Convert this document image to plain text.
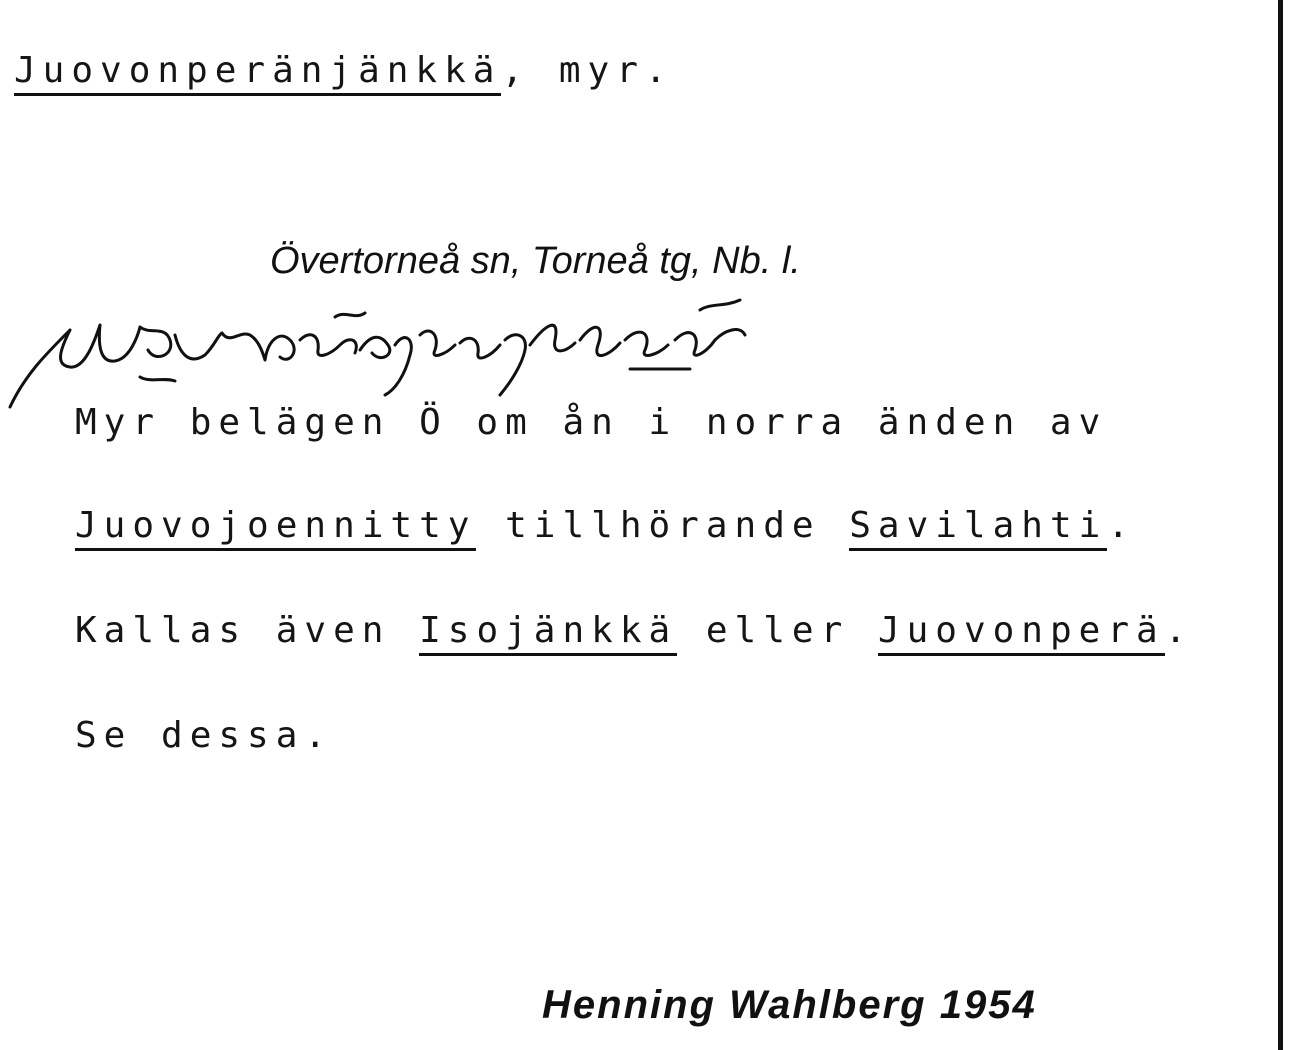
Juovonperänjänkkä, myr.
Övertorneå sn, Torneå tg, Nb. l.
Myr belägen Ö om ån i norra änden av
Juovojoennitty tillhörande Savilahti.
Kallas även Isojänkkä eller Juovonperä.
Se dessa.
Henning Wahlberg 1954
